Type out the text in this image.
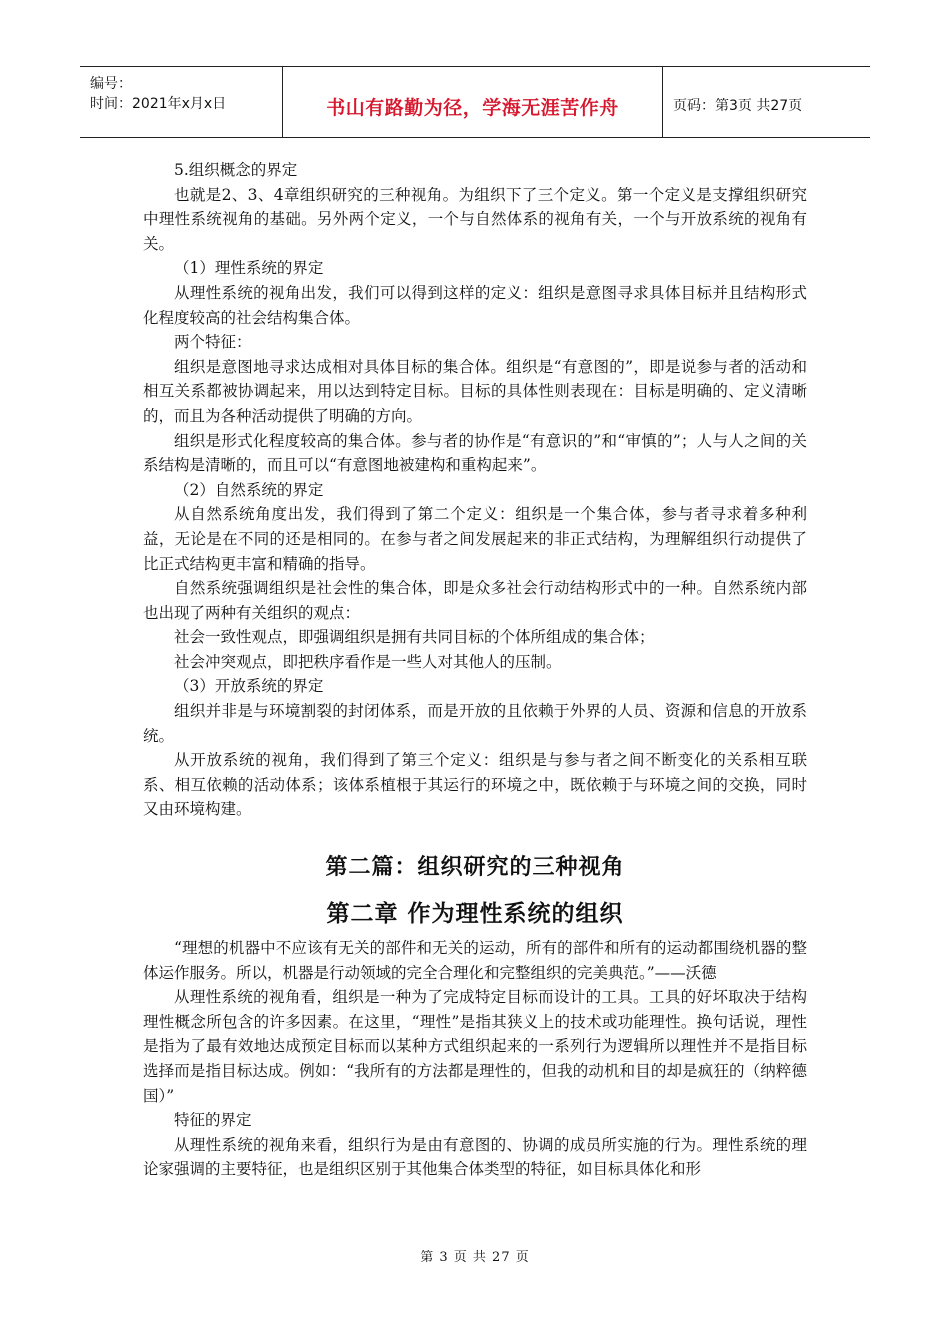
编号：
时间：2021年x月x日	书山有路勤为径，学海无涯苦作舟	页码：第3页 共27页

5.组织概念的界定

也就是2、3、4章组织研究的三种视角。为组织下了三个定义。第一个定义是支撑组织研究中理性系统视角的基础。另外两个定义，一个与自然体系的视角有关，一个与开放系统的视角有关。

（1）理性系统的界定

从理性系统的视角出发，我们可以得到这样的定义：组织是意图寻求具体目标并且结构形式化程度较高的社会结构集合体。

两个特征：

组织是意图地寻求达成相对具体目标的集合体。组织是“有意图的”，即是说参与者的活动和相互关系都被协调起来，用以达到特定目标。目标的具体性则表现在：目标是明确的、定义清晰的，而且为各种活动提供了明确的方向。

组织是形式化程度较高的集合体。参与者的协作是“有意识的”和“审慎的”；人与人之间的关系结构是清晰的，而且可以“有意图地被建构和重构起来”。

（2）自然系统的界定

从自然系统角度出发，我们得到了第二个定义：组织是一个集合体，参与者寻求着多种利益，无论是在不同的还是相同的。在参与者之间发展起来的非正式结构，为理解组织行动提供了比正式结构更丰富和精确的指导。

自然系统强调组织是社会性的集合体，即是众多社会行动结构形式中的一种。自然系统内部也出现了两种有关组织的观点：

社会一致性观点，即强调组织是拥有共同目标的个体所组成的集合体；

社会冲突观点，即把秩序看作是一些人对其他人的压制。

（3）开放系统的界定

组织并非是与环境割裂的封闭体系，而是开放的且依赖于外界的人员、资源和信息的开放系统。

从开放系统的视角，我们得到了第三个定义：组织是与参与者之间不断变化的关系相互联系、相互依赖的活动体系；该体系植根于其运行的环境之中，既依赖于与环境之间的交换，同时又由环境构建。

第二篇：组织研究的三种视角
第二章 作为理性系统的组织

“理想的机器中不应该有无关的部件和无关的运动，所有的部件和所有的运动都围绕机器的整体运作服务。所以，机器是行动领域的完全合理化和完整组织的完美典范。”——沃德

从理性系统的视角看，组织是一种为了完成特定目标而设计的工具。工具的好坏取决于结构理性概念所包含的许多因素。在这里，“理性”是指其狭义上的技术或功能理性。换句话说，理性是指为了最有效地达成预定目标而以某种方式组织起来的一系列行为逻辑所以理性并不是指目标选择而是指目标达成。例如：“我所有的方法都是理性的，但我的动机和目的却是疯狂的（纳粹德国）”

特征的界定

从理性系统的视角来看，组织行为是由有意图的、协调的成员所实施的行为。理性系统的理论家强调的主要特征，也是组织区别于其他集合体类型的特征，如目标具体化和形

第 3 页 共 27 页
